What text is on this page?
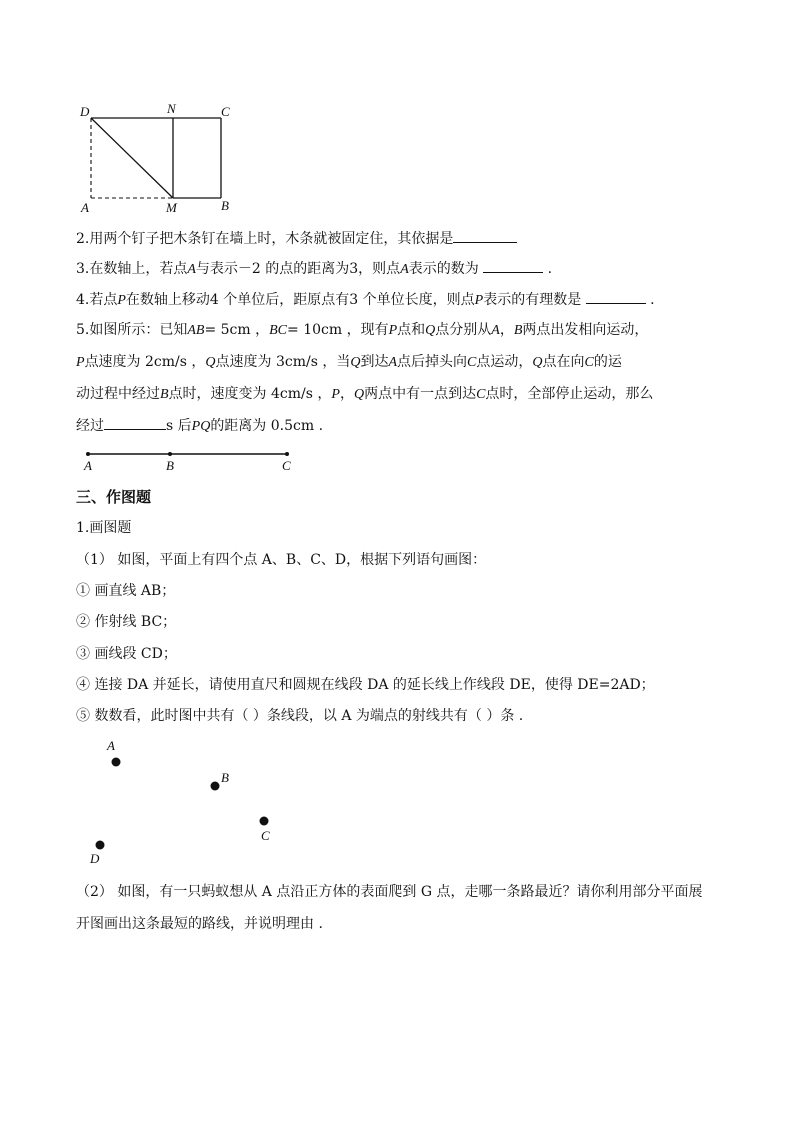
D	N	C
A	M	B
2.用两个钉子把木条钉在墙上时，木条就被固定住，其依据是
3.在数轴上，若点A与表示－2 的点的距离为3，则点A表示的数为	.
4.若点P在数轴上移动4 个单位后，距原点有3 个单位长度，则点P表示的有理数是	.
5.如图所示：已知AB= 5cm ，BC= 10cm ，现有P点和Q点分别从A，B两点出发相向运动，
P点速度为 2cm/s ，Q点速度为 3cm/s ，当Q到达A点后掉头向C点运动，Q点在向C的运
动过程中经过B点时，速度变为 4cm/s ，P，Q两点中有一点到达C点时，全部停止运动，那么
经过	s 后PQ的距离为 0.5cm .
A	B	C
三、作图题
1.画图题
（1） 如图，平面上有四个点 A、B、C、D，根据下列语句画图：
① 画直线 AB；
② 作射线 BC；
③ 画线段 CD；
④ 连接 DA 并延长，请使用直尺和圆规在线段 DA 的延长线上作线段 DE，使得 DE=2AD；
⑤ 数数看，此时图中共有（ ）条线段，以 A 为端点的射线共有（ ）条 .
A
B
C
D
（2） 如图，有一只蚂蚁想从 A 点沿正方体的表面爬到 G 点，走哪一条路最近？请你利用部分平面展
开图画出这条最短的路线，并说明理由 .
